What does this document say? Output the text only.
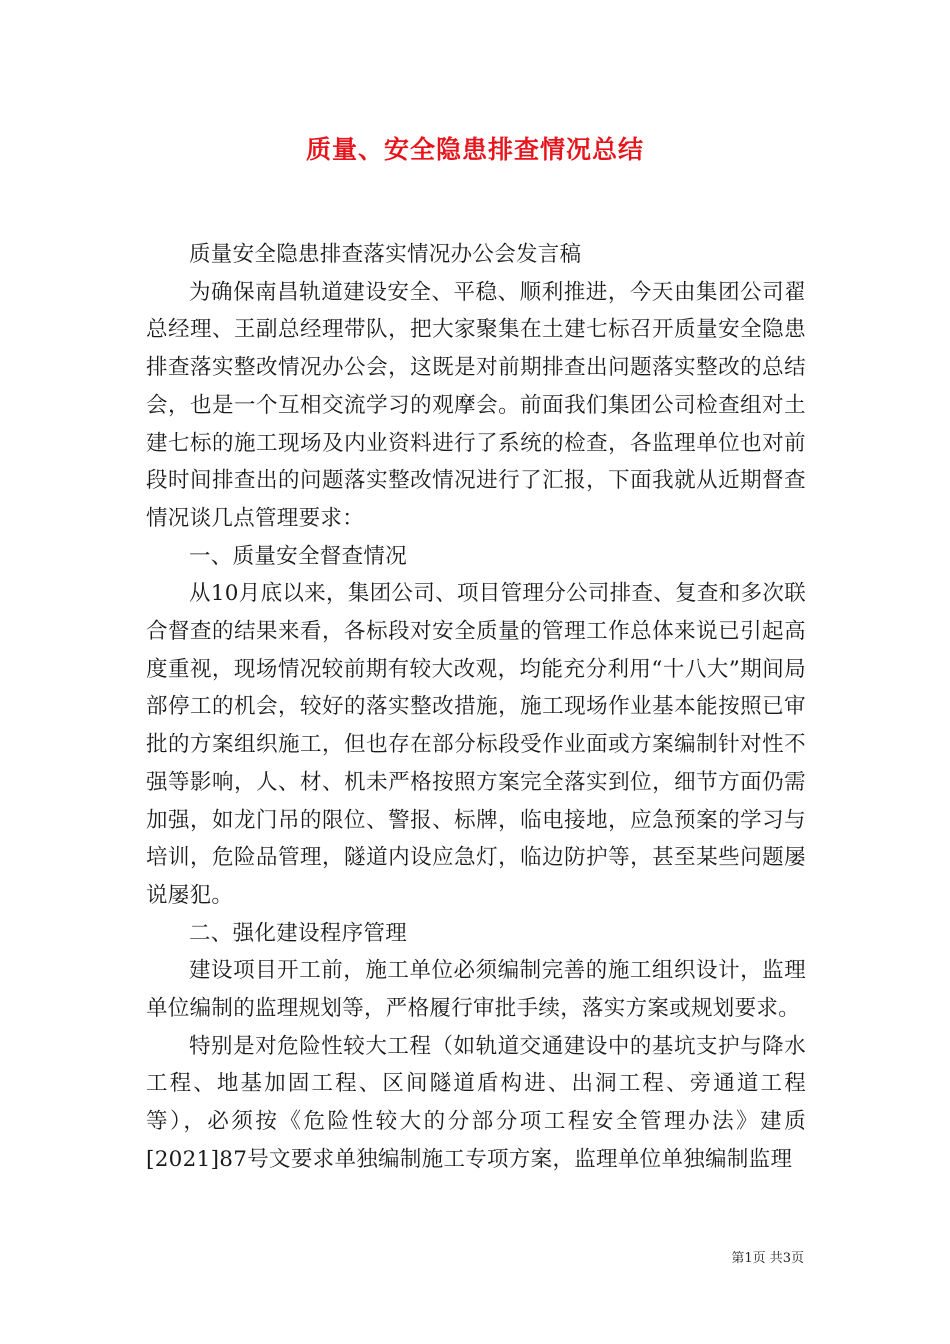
质量、安全隐患排查情况总结

质量安全隐患排查落实情况办公会发言稿

为确保南昌轨道建设安全、平稳、顺利推进，今天由集团公司翟总经理、王副总经理带队，把大家聚集在土建七标召开质量安全隐患排查落实整改情况办公会，这既是对前期排查出问题落实整改的总结会，也是一个互相交流学习的观摩会。前面我们集团公司检查组对土建七标的施工现场及内业资料进行了系统的检查，各监理单位也对前段时间排查出的问题落实整改情况进行了汇报，下面我就从近期督查情况谈几点管理要求：

一、质量安全督查情况

从10月底以来，集团公司、项目管理分公司排查、复查和多次联合督查的结果来看，各标段对安全质量的管理工作总体来说已引起高度重视，现场情况较前期有较大改观，均能充分利用“十八大”期间局部停工的机会，较好的落实整改措施，施工现场作业基本能按照已审批的方案组织施工，但也存在部分标段受作业面或方案编制针对性不强等影响，人、材、机未严格按照方案完全落实到位，细节方面仍需加强，如龙门吊的限位、警报、标牌，临电接地，应急预案的学习与培训，危险品管理，隧道内设应急灯，临边防护等，甚至某些问题屡说屡犯。

二、强化建设程序管理

建设项目开工前，施工单位必须编制完善的施工组织设计，监理单位编制的监理规划等，严格履行审批手续，落实方案或规划要求。

特别是对危险性较大工程（如轨道交通建设中的基坑支护与降水工程、地基加固工程、区间隧道盾构进、出洞工程、旁通道工程等），必须按《危险性较大的分部分项工程安全管理办法》建质[2021]87号文要求单独编制施工专项方案，监理单位单独编制监理

第1页 共3页
